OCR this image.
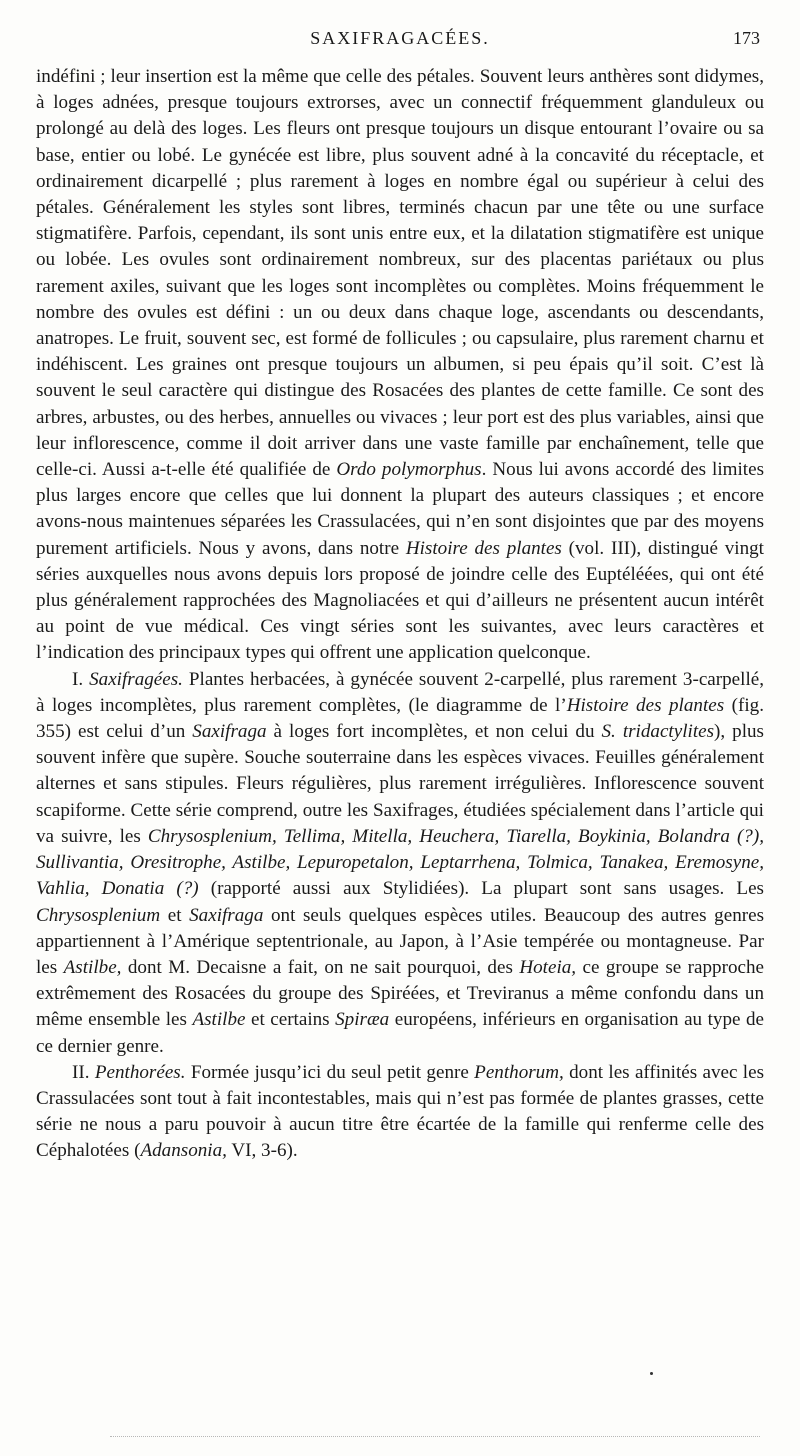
SAXIFRAGACÉES.	173

indéfini ; leur insertion est la même que celle des pétales. Souvent leurs anthères sont didymes, à loges adnées, presque toujours extrorses, avec un connectif fréquemment glanduleux ou prolongé au delà des loges. Les fleurs ont presque toujours un disque entourant l’ovaire ou sa base, entier ou lobé. Le gynécée est libre, plus souvent adné à la concavité du réceptacle, et ordinairement dicarpellé ; plus rarement à loges en nombre égal ou supérieur à celui des pétales. Généralement les styles sont libres, terminés chacun par une tête ou une surface stigmatifère. Parfois, cependant, ils sont unis entre eux, et la dilatation stigmatifère est unique ou lobée. Les ovules sont ordinairement nombreux, sur des placentas pariétaux ou plus rarement axiles, suivant que les loges sont incomplètes ou complètes. Moins fréquemment le nombre des ovules est défini : un ou deux dans chaque loge, ascendants ou descendants, anatropes. Le fruit, souvent sec, est formé de follicules ; ou capsulaire, plus rarement charnu et indéhiscent. Les graines ont presque toujours un albumen, si peu épais qu’il soit. C’est là souvent le seul caractère qui distingue des Rosacées des plantes de cette famille. Ce sont des arbres, arbustes, ou des herbes, annuelles ou vivaces ; leur port est des plus variables, ainsi que leur inflorescence, comme il doit arriver dans une vaste famille par enchaînement, telle que celle-ci. Aussi a-t-elle été qualifiée de Ordo polymorphus. Nous lui avons accordé des limites plus larges encore que celles que lui donnent la plupart des auteurs classiques ; et encore avons-nous maintenues séparées les Crassulacées, qui n’en sont disjointes que par des moyens purement artificiels. Nous y avons, dans notre Histoire des plantes (vol. III), distingué vingt séries auxquelles nous avons depuis lors proposé de joindre celle des Euptéléées, qui ont été plus généralement rapprochées des Magnoliacées et qui d’ailleurs ne présentent aucun intérêt au point de vue médical. Ces vingt séries sont les suivantes, avec leurs caractères et l’indication des principaux types qui offrent une application quelconque.

I. Saxifragées. Plantes herbacées, à gynécée souvent 2-carpellé, plus rarement 3-carpellé, à loges incomplètes, plus rarement complètes, (le diagramme de l’Histoire des plantes (fig. 355) est celui d’un Saxifraga à loges fort incomplètes, et non celui du S. tridactylites), plus souvent infère que supère. Souche souterraine dans les espèces vivaces. Feuilles généralement alternes et sans stipules. Fleurs régulières, plus rarement irrégulières. Inflorescence souvent scapiforme. Cette série comprend, outre les Saxifrages, étudiées spécialement dans l’article qui va suivre, les Chrysosplenium, Tellima, Mitella, Heuchera, Tiarella, Boykinia, Bolandra (?), Sullivantia, Oresitrophe, Astilbe, Lepuropetalon, Leptarrhena, Tolmica, Tanakea, Eremosyne, Vahlia, Donatia (?) (rapporté aussi aux Stylidiées). La plupart sont sans usages. Les Chrysosplenium et Saxifraga ont seuls quelques espèces utiles. Beaucoup des autres genres appartiennent à l’Amérique septentrionale, au Japon, à l’Asie tempérée ou montagneuse. Par les Astilbe, dont M. Decaisne a fait, on ne sait pourquoi, des Hoteia, ce groupe se rapproche extrêmement des Rosacées du groupe des Spiréées, et Treviranus a même confondu dans un même ensemble les Astilbe et certains Spiræa européens, inférieurs en organisation au type de ce dernier genre.

II. Penthorées. Formée jusqu’ici du seul petit genre Penthorum, dont les affinités avec les Crassulacées sont tout à fait incontestables, mais qui n’est pas formée de plantes grasses, cette série ne nous a paru pouvoir à aucun titre être écartée de la famille qui renferme celle des Céphalotées (Adansonia, VI, 3-6).
